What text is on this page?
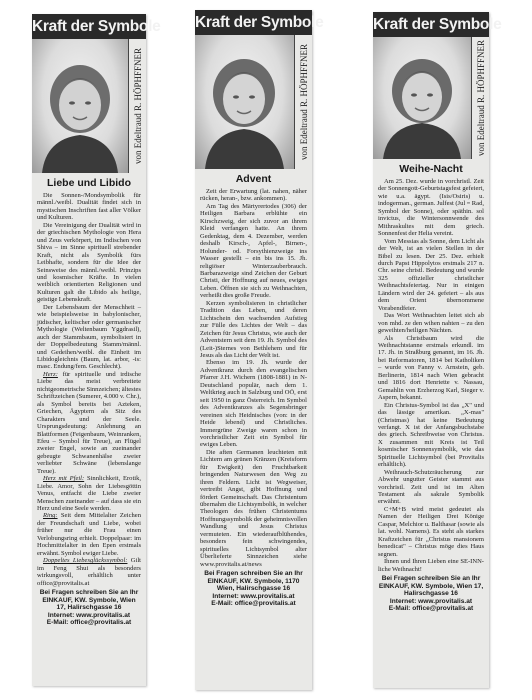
Kraft der Symbole
von Edeltraud R. HÖPHFFNER
Liebe und Libido

Die Sonnen-/Mondsymbolik für männl./weibl. Dualität findet sich in mystischen Inschriften fast aller Völker und Kulturen.

Die Vereinigung der Dualität wird in der griechischen Mythologie von Hera und Zeus verkörpert, im Indischen von Shiva – im Sinne spirituell strebender Kraft, nicht als Symbolik fürs Leibhafte, sondern für die Idee der Seinsweise des männl./weibl. Prinzips und kosmischer Kräfte. In vielen weiblich orientierten Religionen und Kulturen galt die Libido als heilige, geistige Lebenskraft.

Der Lebensbaum der Menschheit – wie beispielsweise in babylonischer, jüdischer, keltischer oder germanischer Mythologie (Weltenbaum Yggdrasil), auch der Stammbaum, symbolisiert in der Doppelbedeutung Stamm/männl. und Gedeihen/weibl. die Einheit im Libidogleichnis (Baum, lat. arbor, -is: masc. Endung/fem. Geschlecht).

Herz: für spirituelle und irdische Liebe das meist verbreitete nichtgeometrische Sinnzeichen; ältestes Schriftzeichen (Sumerer, 4.000 v. Chr.), als Symbol bereits bei Azteken, Griechen, Ägyptern als Sitz des Charakters und der Seele. Ursprungsdeutung: Anlehnung an Blattformen (Feigenbaum, Weinranken, Efeu – Symbol für Treue), an Flügel zweier Engel, sowie an zueinander gebeugte Schwanenhälse zweier verliebter Schwäne (lebenslange Treue).

Herz mit Pfeil: Sinnlichkeit, Erotik, Liebe. Amor, Sohn der Liebesgöttin Venus, entfacht die Liebe zweier Menschen zueinander – auf dass sie ein Herz und eine Seele werden.

Ring: Seit dem Mittelalter Zeichen der Freundschaft und Liebe, wobei früher nur die Frau einen Verlobungsring erhielt. Doppelpaar: im Hochmittelalter in den Epen erstmals erwähnt. Symbol ewiger Liebe.

Doppeltes Liebesglückssymbol: Gilt im Feng Shui als besonders wirkungsvoll, erhältlich unter office@provitalis.at

Bei Fragen schreiben Sie an Ihr EINKAUF, KW. Symbole, Wien 17, Halirschgasse 16
Internet: www.provitalis.at
E-Mail: office@provitalis.at
Kraft der Symbole
von Edeltraud R. HÖPHFFNER
Advent

Zeit der Erwartung (lat. nahen, näher rücken, heran-, bzw. ankommen).

Am Tag des Märtyrertodes (306) der Heiligen Barbara erblühte ein Kirschzweig, der sich zuvor an ihrem Kleid verfangen hatte. An ihrem Gedenktag, dem 4. Dezember, werden deshalb Kirsch-, Apfel-, Birnen-, Holunder- od. Forsythienzweige ins Wasser gestellt – ein bis ins 15. Jh. religiöser Winterzauberbrauch. Barbarazweige sind Zeichen der Geburt Christi, der Hoffnung auf neues, ewiges Leben. Öffnen sie sich zu Weihnachten, verheißt dies große Freude.

Kerzen symbolisieren in christlicher Tradition das Leben, und deren Lichtschein den wachsenden Aufstieg zur Fülle des Lichtes der Welt – das Zeichen für Jesus Christus, wie auch der Adventstern seit dem 19. Jh. Symbol des (Leit-)Sternes von Bethlehem und für Jesus als das Licht der Welt ist.

Ebenso im 19. Jh. wurde der Adventkranz durch den evangelischen Pfarrer J.H. Wichern (1808-1881) in N-Deutschland populär, nach dem 1. Weltkrieg auch in Salzburg und OÖ, erst seit 1950 in ganz Österreich. Im Symbol des Adventkranzes als Segensbringer vereinen sich Heidnisches (von: in der Heide lebend) und Christliches. Immergrüne Zweige waren schon in vorchristlicher Zeit ein Symbol für ewiges Leben.

Die aften Germanen leuchteten mit Lichtern am grünen Kränzen (Kreisform für Ewigkeit) den Fruchtbarkeit bringenden Naturwesen den Weg zu ihren Feldern. Licht ist Wegweiser, vertreibt Angst, gibt Hoffnung und fördert Gemeinschaft. Das Christentum übernahm die Lichtsymbolik, in welcher Theologen des frühen Christentums Hoffnungssymbolik der geheimnisvollen Wandlung und Jesus Christus vermuteten. Ein wiederaufblühendes, besonders fein schwingendes, spirituelles Lichtsymbol alter Überlieferte Sinnzeichen siehe www.provitalis.at/news

Bei Fragen schreiben Sie an Ihr EINKAUF, KW. Symbole, 1170 Wien, Halirschgasse 16
Internet: www.provitalis.at
E-Mail: office@provitalis.at
Kraft der Symbole
von Edeltraud R. HÖPHFFNER
Weihe-Nacht

Am 25. Dez. wurde in vorchristl. Zeit der Sonnengott-Geburtstagsfest gefeiert, wie u.a. ägypt. (Isis/Osiris) u. indogerman., german. Julfest (Jul = Rad, Symbol der Sonne), oder späthin. sol invictus, die Wintersonnwende des Mithraskultes mit dem griech. Sonnenfest der Helia vereint.

Vom Messias als Sonne, dem Licht als der Welt, ist an vielen Stellen in der Bibel zu lesen. Der 25. Dez. erhielt durch Papst Hippolytos erstmals 217 n. Chr. seine christl. Bedeutung und wurde 325 offizieller christlicher Weihnachtsfeiertag. Nur in einigen Ländern wird der 24. gefeiert – als aus dem Orient übernommene Vorabendfeier.

Das Wort Weihnachten leitet sich ab von mhd. ze den wihen nahten – zu den geweihten/heiligen Nächten.

Als Christbaum wird die Weihnachtstanne erstmals erkundl. im 17. Jh. in Straßburg genannt, im 16. Jh. bei Reformatoren, 1814 bei Katholiken – wurde von Fanny v. Arnstein, geb. Berlinerin, 1814 nach Wien gebracht und 1816 dort Henriette v. Nassau, Gemahlin von Erzherzog Karl, Sieger v. Aspern, bekannt.

Ein Christus-Symbol ist das „X" und das lässige amerikan. „X-mas" (Christmas) hat keine Bedeutung verfangt. X ist der Anfangsbuchstabe des griech. Schreibweise von Christus. X zusammen mit Kreis ist Teil kosmischer Sonnensymbolik, wie das Spirituelle Lichtsymbol (bei Provitalis erhältlich).

Weihrauch-Schutzräucherung zur Abwehr ungutter Geister stammt aus vorchristl. Zeit und ist im Alten Testament als sakrale Symbolik erwähnt.

C+M+B wird meist gedeutet als Namen der Heiligen Drei Könige Caspar, Melchior u. Balthasar (sowie als lat. wohl. Namens). Es steht als starkes Kraftzeichen für „Christus mansionem benedicat" – Christus möge dies Haus segnen.

Ihnen und Ihren Lieben eine SE-INN-liche Weihnacht!

Bei Fragen schreiben Sie an Ihr EINKAUF, KW. Symbole, Wien 17, Halirschgasse 16
Internet: www.provitalis.at
E-Mail: office@provitalis.at
